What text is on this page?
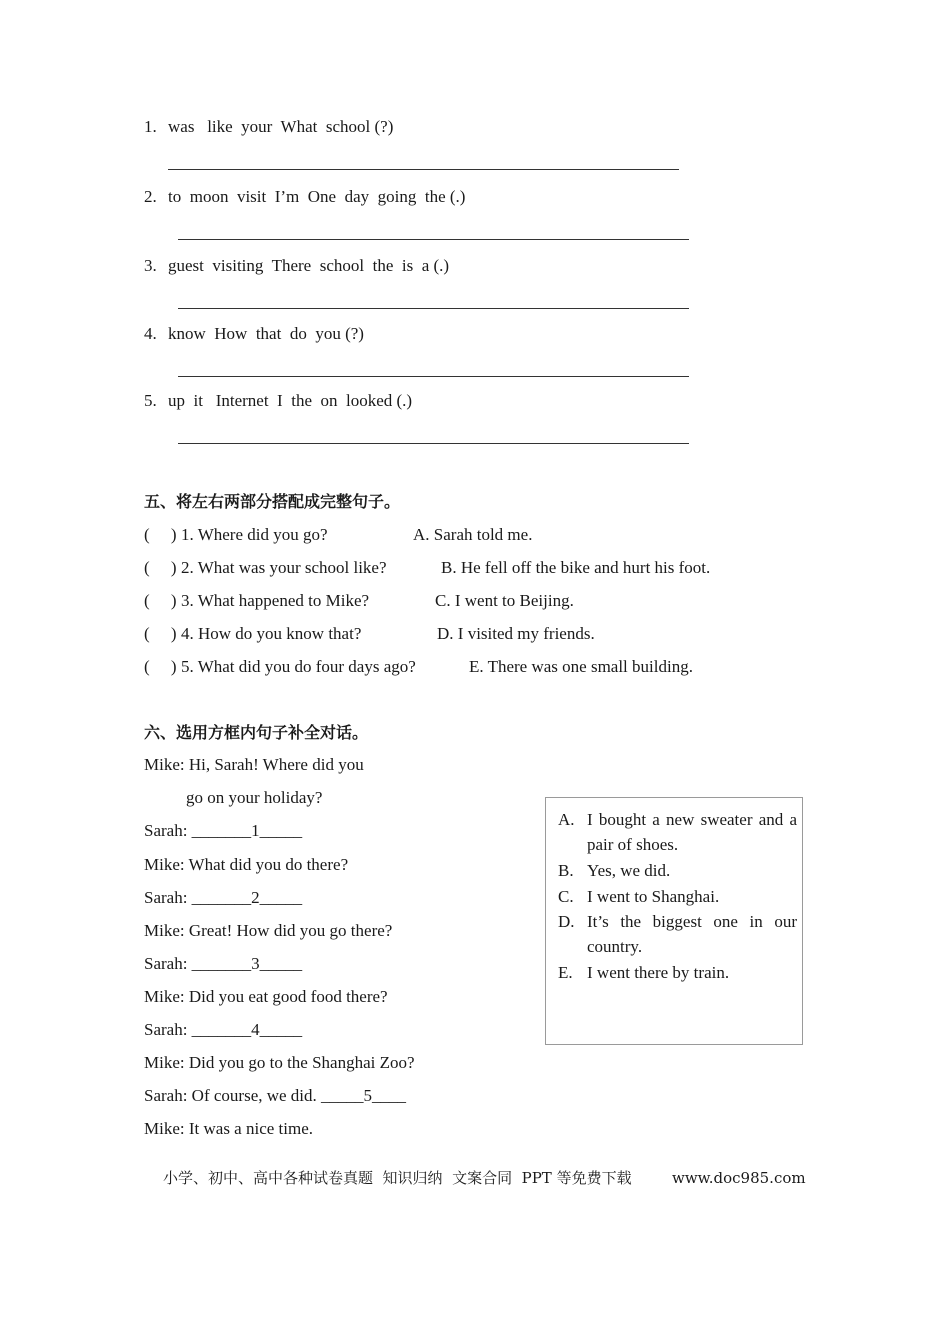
1. was   like  your  What  school (?)
2. to  moon  visit  I’m  One  day  going  the (.)
3. guest  visiting  There  school  the  is  a (.)
4. know  How  that  do  you (?)
5. up  it   Internet  I  the  on  looked (.)
五、将左右两部分搭配成完整句子。
(     ) 1. Where did you go?	A. Sarah told me.
(     ) 2. What was your school like?	B. He fell off the bike and hurt his foot.
(     ) 3. What happened to Mike?	C. I went to Beijing.
(     ) 4. How do you know that?	D. I visited my friends.
(     ) 5. What did you do four days ago?	E. There was one small building.
六、选用方框内句子补全对话。
Mike: Hi, Sarah! Where did you
go on your holiday?
Sarah: _______1_____
Mike: What did you do there?
Sarah: _______2_____
Mike: Great! How did you go there?
Sarah: _______3_____
Mike: Did you eat good food there?
Sarah: _______4_____
Mike: Did you go to the Shanghai Zoo?
Sarah: Of course, we did. _____5____
Mike: It was a nice time.
A. I bought a new sweater and a pair of shoes.
B. Yes, we did.
C. I went to Shanghai.
D. It’s the biggest one in our country.
E. I went there by train.
小学、初中、高中各种试卷真题  知识归纳  文案合同  PPT 等免费下载	www.doc985.com
